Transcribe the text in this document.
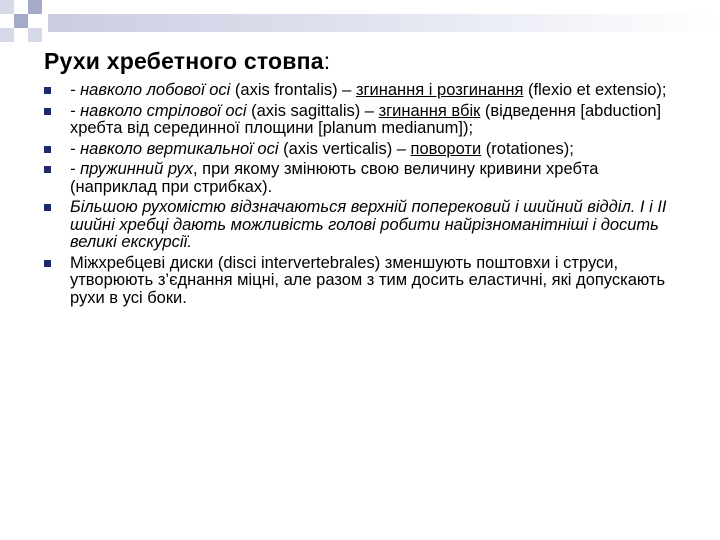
Рухи хребетного стовпа:
- навколо лобової осі (axis frontalis) – згинання і розгинання (flexio et extensio);
- навколо стрілової осі (axis sagittalis) – згинання вбік (відведення [abduction] хребта від серединної площини [planum medianum]);
- навколо вертикальної осі (axis verticalis) – повороти (rotationes);
- пружинний рух, при якому змінюють свою величину кривини хребта (наприклад при стрибках).
Більшою рухомістю відзначаються верхній поперековий і шийний відділ. I і II шийні хребці дають можливість голові робити найрізноманітніші і досить великі екскурсії.
Міжхребцеві диски (disci intervertebrales) зменшують поштовхи і струси, утворюють з’єднання міцні, але разом з тим досить еластичні, які допускають рухи в усі боки.
